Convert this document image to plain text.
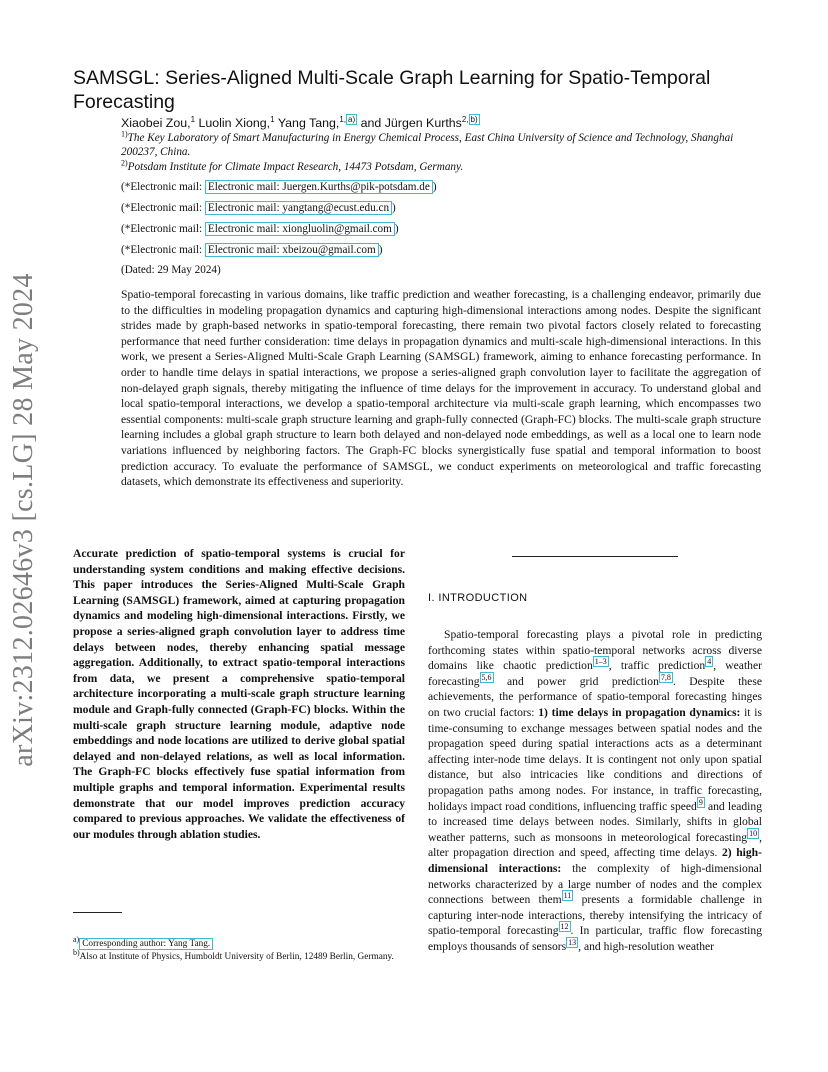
arXiv:2312.02646v3 [cs.LG] 28 May 2024
SAMSGL: Series-Aligned Multi-Scale Graph Learning for Spatio-Temporal Forecasting
Xiaobei Zou,$^1$ Luolin Xiong,$^1$ Yang Tang,$^{1,}$ $^{a)}$ and Jürgen Kurths$^{2,}$ $^{b)}$
$^{1)}$The Key Laboratory of Smart Manufacturing in Energy Chemical Process, East China University of Science and Technology, Shanghai 200237, China.
$^{2)}$Potsdam Institute for Climate Impact Research, 14473 Potsdam, Germany.
(*Electronic mail: Electronic mail: Juergen.Kurths@pik-potsdam.de )
(*Electronic mail: Electronic mail: yangtang@ecust.edu.cn )
(*Electronic mail: Electronic mail: xiongluolin@gmail.com )
(*Electronic mail: Electronic mail: xbeizou@gmail.com )
(Dated: 29 May 2024)
Spatio-temporal forecasting in various domains, like traffic prediction and weather forecasting, is a challenging endeavor, primarily due to the difficulties in modeling propagation dynamics and capturing high-dimensional interactions among nodes. Despite the significant strides made by graph-based networks in spatio-temporal forecasting, there remain two pivotal factors closely related to forecasting performance that need further consideration: time delays in propagation dynamics and multi-scale high-dimensional interactions. In this work, we present a Series-Aligned Multi-Scale Graph Learning (SAMSGL) framework, aiming to enhance forecasting performance. In order to handle time delays in spatial interactions, we propose a series-aligned graph convolution layer to facilitate the aggregation of non-delayed graph signals, thereby mitigating the influence of time delays for the improvement in accuracy. To understand global and local spatio-temporal interactions, we develop a spatio-temporal architecture via multi-scale graph learning, which encompasses two essential components: multi-scale graph structure learning and graph-fully connected (Graph-FC) blocks. The multi-scale graph structure learning includes a global graph structure to learn both delayed and non-delayed node embeddings, as well as a local one to learn node variations influenced by neighboring factors. The Graph-FC blocks synergistically fuse spatial and temporal information to boost prediction accuracy. To evaluate the performance of SAMSGL, we conduct experiments on meteorological and traffic forecasting datasets, which demonstrate its effectiveness and superiority.
Accurate prediction of spatio-temporal systems is crucial for understanding system conditions and making effective decisions. This paper introduces the Series-Aligned Multi-Scale Graph Learning (SAMSGL) framework, aimed at capturing propagation dynamics and modeling high-dimensional interactions. Firstly, we propose a series-aligned graph convolution layer to address time delays between nodes, thereby enhancing spatial message aggregation. Additionally, to extract spatio-temporal interactions from data, we present a comprehensive spatio-temporal architecture incorporating a multi-scale graph structure learning module and Graph-fully connected (Graph-FC) blocks. Within the multi-scale graph structure learning module, adaptive node embeddings and node locations are utilized to derive global spatial delayed and non-delayed relations, as well as local information. The Graph-FC blocks effectively fuse spatial information from multiple graphs and temporal information. Experimental results demonstrate that our model improves prediction accuracy compared to previous approaches. We validate the effectiveness of our modules through ablation studies.
$^{a)}$ Corresponding author: Yang Tang.
$^{b)}$Also at Institute of Physics, Humboldt University of Berlin, 12489 Berlin, Germany.
I. INTRODUCTION

Spatio-temporal forecasting plays a pivotal role in predicting forthcoming states within spatio-temporal networks across diverse domains like chaotic prediction $^{1-3}$ , traffic prediction $^4$ , weather forecasting $^{5,6}$ and power grid prediction $^{7,8}$ . Despite these achievements, the performance of spatio-temporal forecasting hinges on two crucial factors: 1) time delays in propagation dynamics: it is time-consuming to exchange messages between spatial nodes and the propagation speed during spatial interactions acts as a determinant affecting inter-node time delays. It is contingent not only upon spatial distance, but also intricacies like conditions and directions of propagation paths among nodes. For instance, in traffic forecasting, holidays impact road conditions, influencing traffic speed $^9$ and leading to increased time delays between nodes. Similarly, shifts in global weather patterns, such as monsoons in meteorological forecasting $^{10}$ , alter propagation direction and speed, affecting time delays. 2) high-dimensional interactions: the complexity of high-dimensional networks characterized by a large number of nodes and the complex connections between them $^{11}$ presents a formidable challenge in capturing inter-node interactions, thereby intensifying the intricacy of spatio-temporal forecasting $^{12}$ . In particular, traffic flow forecasting employs thousands of sensors $^{13}$ , and high-resolution weather
